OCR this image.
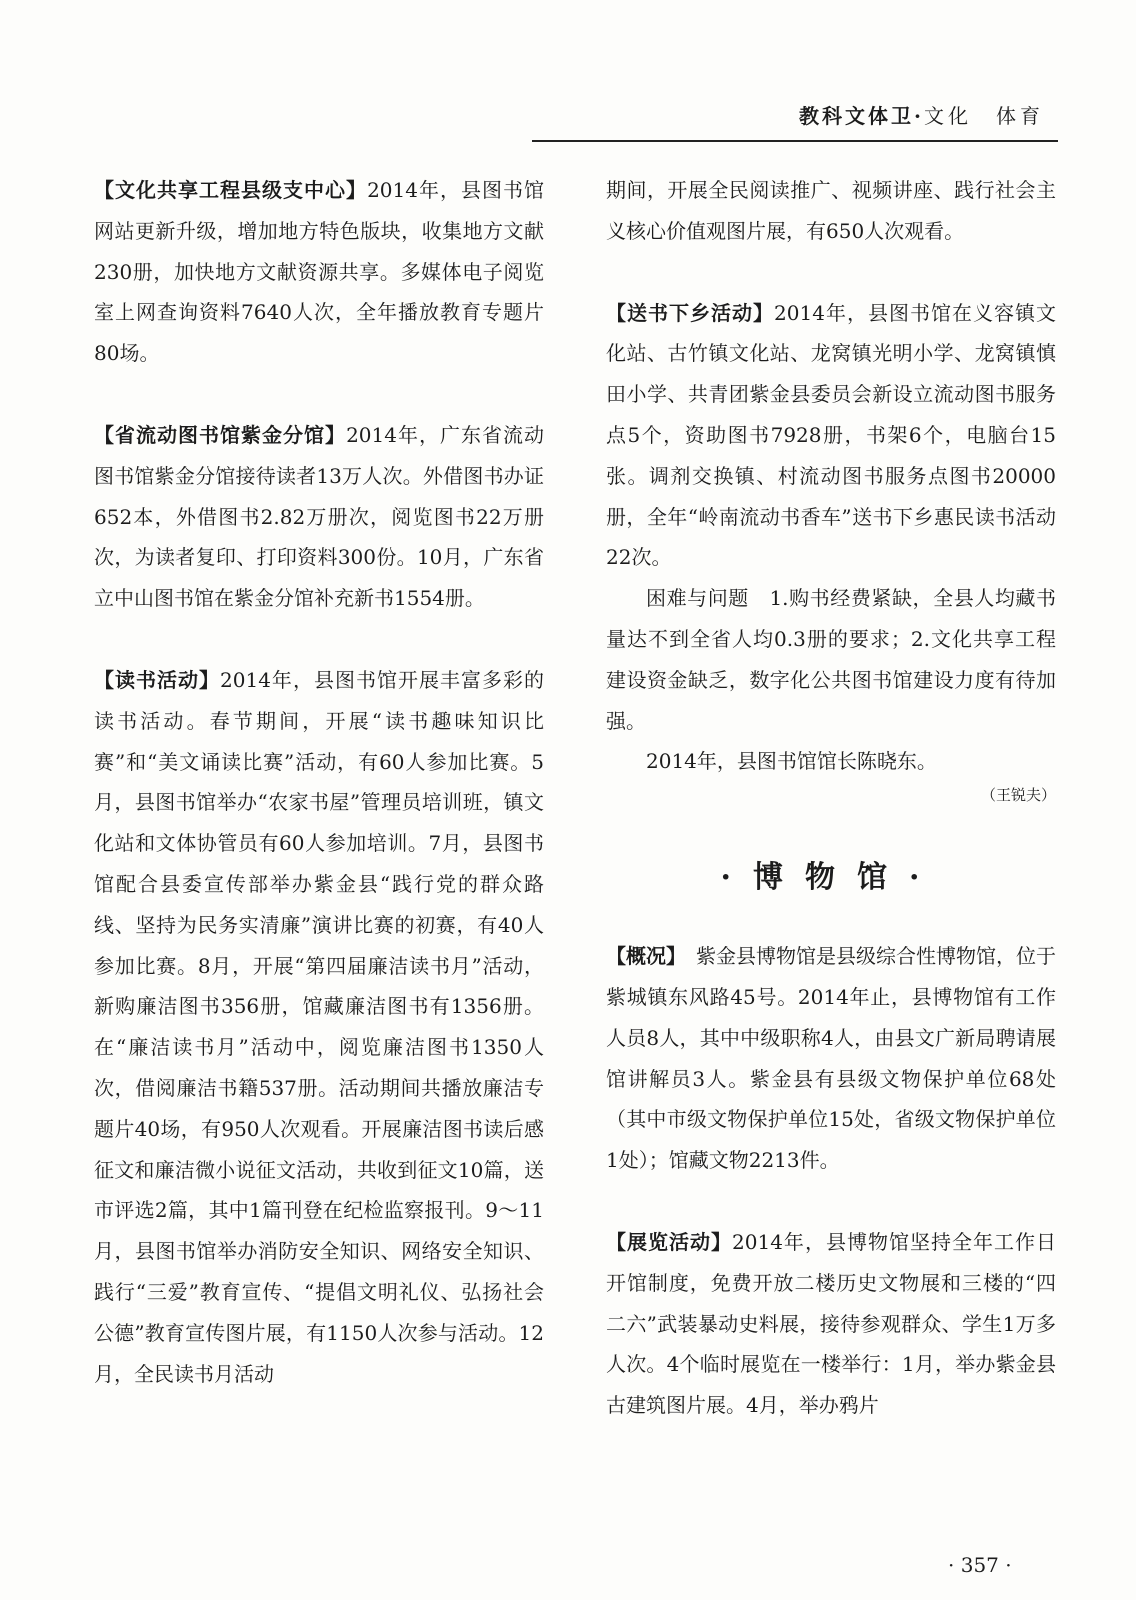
教科文体卫·文化　体育

【文化共享工程县级支中心】2014年，县图书馆网站更新升级，增加地方特色版块，收集地方文献230册，加快地方文献资源共享。多媒体电子阅览室上网查询资料7640人次，全年播放教育专题片80场。

【省流动图书馆紫金分馆】2014年，广东省流动图书馆紫金分馆接待读者13万人次。外借图书办证652本，外借图书2.82万册次，阅览图书22万册次，为读者复印、打印资料300份。10月，广东省立中山图书馆在紫金分馆补充新书1554册。

【读书活动】2014年，县图书馆开展丰富多彩的读书活动。春节期间，开展“读书趣味知识比赛”和“美文诵读比赛”活动，有60人参加比赛。5月，县图书馆举办“农家书屋”管理员培训班，镇文化站和文体协管员有60人参加培训。7月，县图书馆配合县委宣传部举办紫金县“践行党的群众路线、坚持为民务实清廉”演讲比赛的初赛，有40人参加比赛。8月，开展“第四届廉洁读书月”活动，新购廉洁图书356册，馆藏廉洁图书有1356册。在“廉洁读书月”活动中，阅览廉洁图书1350人次，借阅廉洁书籍537册。活动期间共播放廉洁专题片40场，有950人次观看。开展廉洁图书读后感征文和廉洁微小说征文活动，共收到征文10篇，送市评选2篇，其中1篇刊登在纪检监察报刊。9～11月，县图书馆举办消防安全知识、网络安全知识、践行“三爱”教育宣传、“提倡文明礼仪、弘扬社会公德”教育宣传图片展，有1150人次参与活动。12月，全民读书月活动

期间，开展全民阅读推广、视频讲座、践行社会主义核心价值观图片展，有650人次观看。

【送书下乡活动】2014年，县图书馆在义容镇文化站、古竹镇文化站、龙窝镇光明小学、龙窝镇慎田小学、共青团紫金县委员会新设立流动图书服务点5个，资助图书7928册，书架6个，电脑台15张。调剂交换镇、村流动图书服务点图书20000册，全年“岭南流动书香车”送书下乡惠民读书活动22次。

困难与问题　 1.购书经费紧缺，全县人均藏书量达不到全省人均0.3册的要求；2.文化共享工程建设资金缺乏，数字化公共图书馆建设力度有待加强。

2014年，县图书馆馆长陈晓东。

（王锐夫）

·博物馆·

【概况】　 紫金县博物馆是县级综合性博物馆，位于紫城镇东风路45号。2014年止，县博物馆有工作人员8人，其中中级职称4人，由县文广新局聘请展馆讲解员3人。紫金县有县级文物保护单位68处（其中市级文物保护单位15处，省级文物保护单位1处）；馆藏文物2213件。

【展览活动】2014年，县博物馆坚持全年工作日开馆制度，免费开放二楼历史文物展和三楼的“四二六”武装暴动史料展，接待参观群众、学生1万多人次。4个临时展览在一楼举行：1月，举办紫金县古建筑图片展。4月，举办鸦片

· 357 ·
